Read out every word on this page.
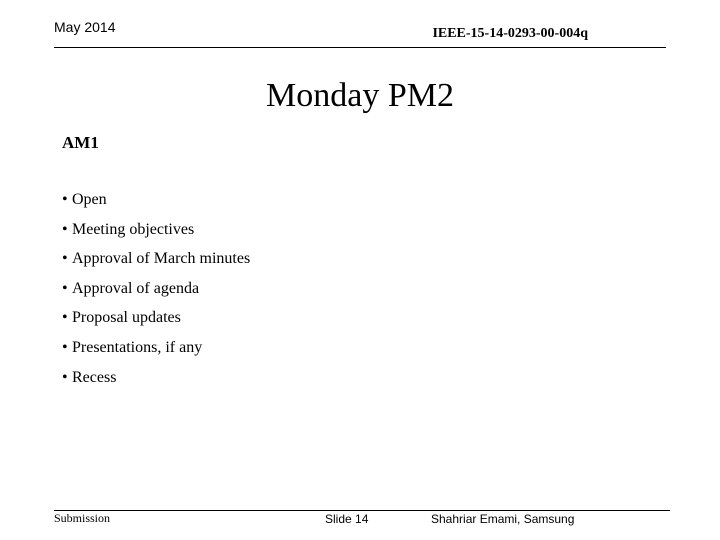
May 2014	IEEE-15-14-0293-00-004q
Monday PM2
AM1
• Open
• Meeting objectives
• Approval of March minutes
• Approval of agenda
• Proposal updates
• Presentations, if any
• Recess
Submission	Slide 14	Shahriar Emami, Samsung
